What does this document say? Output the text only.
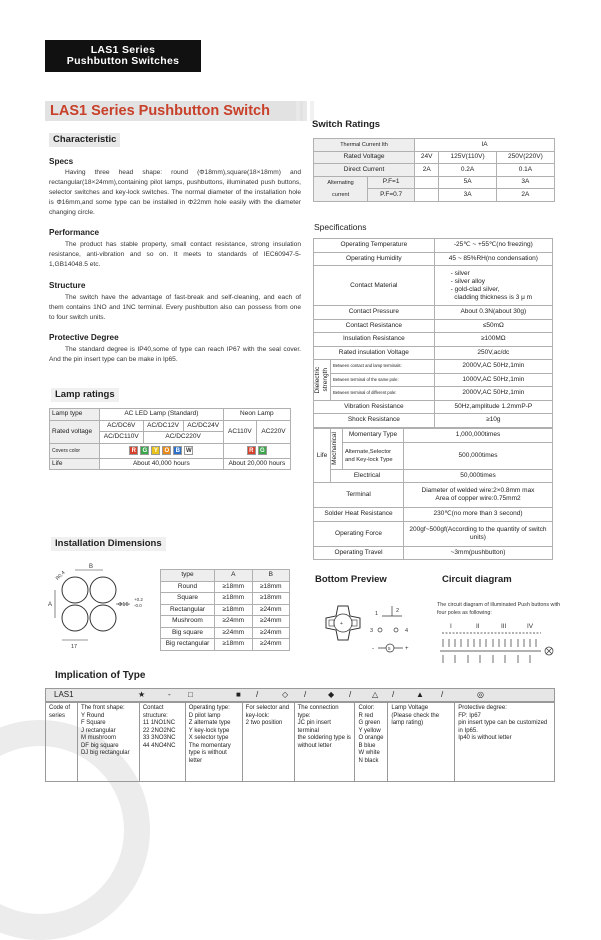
LAS1 Series
Pushbutton Switches
LAS1 Series Pushbutton Switch
Characteristic
Specs
Having three head shape: round (Φ18mm),square(18×18mm) and rectangular(18×24mm),containing pilot lamps, pushbuttons, illuminated push buttons, selector switches and key-lock switches. The normal diameter of the installation hole is Φ16mm,and some type can be installed in Φ22mm hole easily with the diameter changing circle.
Performance
The product has stable property, small contact resistance, strong insulation resistance, anti-vibration and so on. It meets to standards of IEC60947-5-1,GB14048.5 etc.
Structure
The switch have the advantage of fast-break and self-cleaning, and each of them contains 1NO and 1NC terminal. Every pushbutton also can possess from one to four switch units.
Protective Degree
The standard degree is IP40,some of type can reach IP67 with the seal cover. And the pin insert type can be make in Ip65.
Lamp ratings
Lamp type	AC LED Lamp (Standard)			Neon Lamp	
Rated voltage	AC/DC6V	AC/DC12V	AC/DC24V	AC110V	AC220V
	AC/DC110V	AC/DC220V			
Covers color	R G Y O B W			R G	
Life	About 40,000 hours			About 20,000 hours	
Installation Dimensions
B
A
R0.4
Φ16
+0.2
-0.0
17
type	A	B
Round	≥18mm	≥18mm
Square	≥18mm	≥18mm
Rectangular	≥18mm	≥24mm
Mushroom	≥24mm	≥24mm
Big square	≥24mm	≥24mm
Big rectangular	≥18mm	≥24mm
Switch Ratings
Thermal Current Ith		IA		
Rated Voltage		24V	125V(110V)	250V(220V)
Direct Current		2A	0.2A	0.1A
Alternating	P.F=1		5A	3A
current	P.F=0.7		3A	2A
Specifications
Operating Temperature		-25℃ ~ +55℃(no freezing)
Operating Humidity		45 ~ 85%RH(no condensation)
Contact Material		- silver
- silver alloy
- gold-clad silver,
cladding thickness is 3 μ m
Contact Pressure		About 0.3N(about 30g)
Contact Resistance		≤50mΩ
Insulation Resistance		≥100MΩ
Rated insulation Voltage		250V,ac/dc

Dielectric strength	Between contact and lamp terminals:	2000V,AC 50Hz,1min
	Between terminal of the same pole:	1000V,AC 50Hz,1min
	Between terminal of different pole:	2000V,AC 50Hz,1min
Vibration Resistance		50Hz,amplitude 1.2mmP-P
Shock Resistance		≥10g
Life	Mechanical	Momentary Type	1,000,000times
		Alternate,Selector and Key-lock Type	500,000times
	Electrical		50,000times
Terminal			Diameter of welded wire:2×0.8mm max
Area of copper wire:0.75mm2
Solder Heat Resistance			230℃(no more than 3 second)
Operating Force			200gf~500gf(According to the quantity of switch units)
Operating Travel			~3mm(pushbutton)
Bottom Preview
+
1	2
3	4
5
-	+
Circuit diagram
The circuit diagram of illuminated Push buttons with four poles as following:
I	II	III	IV
Implication of Type
LAS1	★	- □	■ /	◇ /	◆ /	△ /	▲ /	◎
Code of series	The front shape:
Y Round
F Square
J rectangular
M mushroom
DF big square
DJ big rectangular	Contact structure:
11 1NO1NC
22 2NO2NC
33 3NO3NC
44 4NO4NC	Operating type:
D pilot lamp
Z alternate type
Y key-lock type
X selector type
The momentary type is without letter	For selector and key-lock:
2 two position	The connection type:
JC pin insert terminal
the soldering type is without letter	Color:
R red
G green
Y yellow
O orange
B blue
W white
N black	Lamp Voltage
(Please check the lamp rating)	Protective degree:
FP: Ip67
pin insert type can be customized in Ip65.
Ip40 is without letter
